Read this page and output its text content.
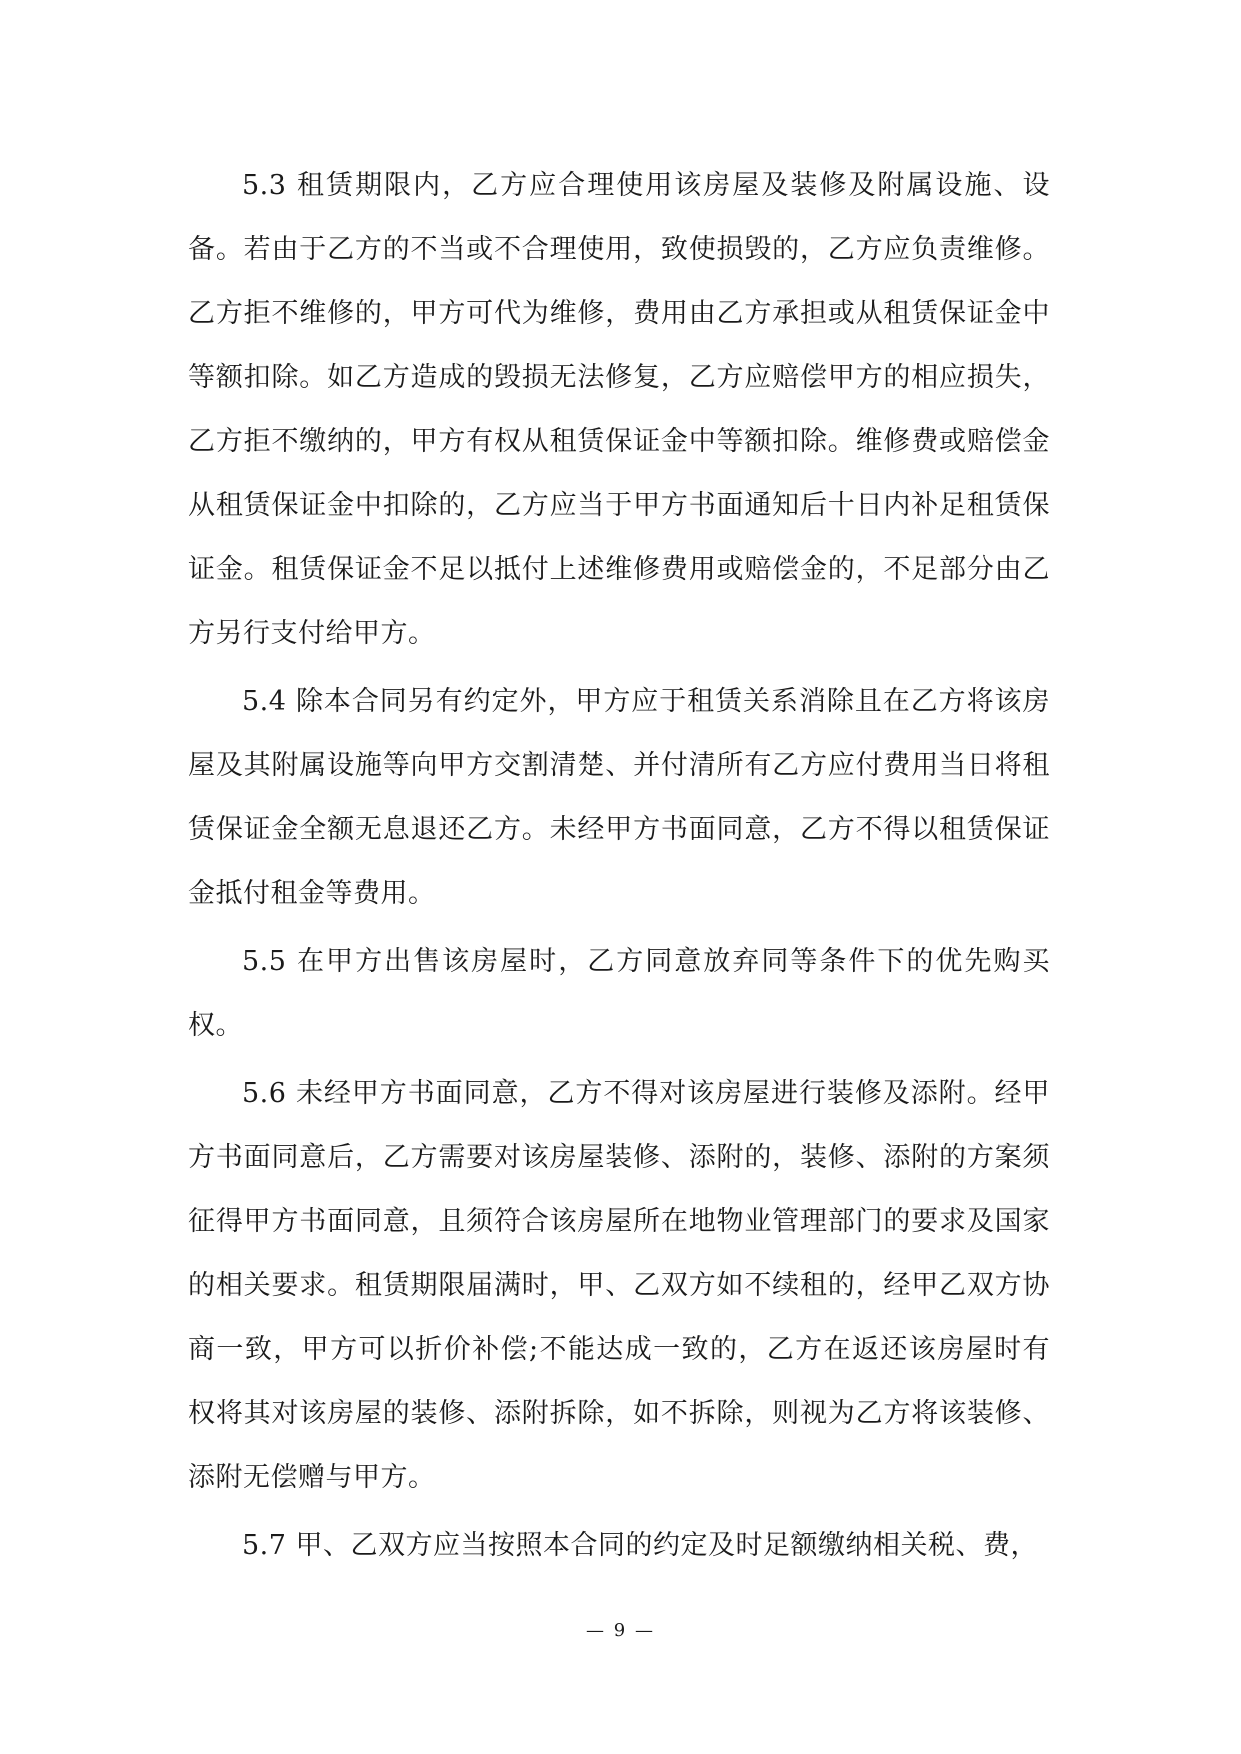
5.3 租赁期限内，乙方应合理使用该房屋及装修及附属设施、设备。若由于乙方的不当或不合理使用，致使损毁的，乙方应负责维修。乙方拒不维修的，甲方可代为维修，费用由乙方承担或从租赁保证金中等额扣除。如乙方造成的毁损无法修复，乙方应赔偿甲方的相应损失，乙方拒不缴纳的，甲方有权从租赁保证金中等额扣除。维修费或赔偿金从租赁保证金中扣除的，乙方应当于甲方书面通知后十日内补足租赁保证金。租赁保证金不足以抵付上述维修费用或赔偿金的，不足部分由乙方另行支付给甲方。

5.4 除本合同另有约定外，甲方应于租赁关系消除且在乙方将该房屋及其附属设施等向甲方交割清楚、并付清所有乙方应付费用当日将租赁保证金全额无息退还乙方。未经甲方书面同意，乙方不得以租赁保证金抵付租金等费用。

5.5 在甲方出售该房屋时，乙方同意放弃同等条件下的优先购买权。

5.6 未经甲方书面同意，乙方不得对该房屋进行装修及添附。经甲方书面同意后，乙方需要对该房屋装修、添附的，装修、添附的方案须征得甲方书面同意，且须符合该房屋所在地物业管理部门的要求及国家的相关要求。租赁期限届满时，甲、乙双方如不续租的，经甲乙双方协商一致，甲方可以折价补偿;不能达成一致的，乙方在返还该房屋时有权将其对该房屋的装修、添附拆除，如不拆除，则视为乙方将该装修、添附无偿赠与甲方。

5.7 甲、乙双方应当按照本合同的约定及时足额缴纳相关税、费，

— 9 —
